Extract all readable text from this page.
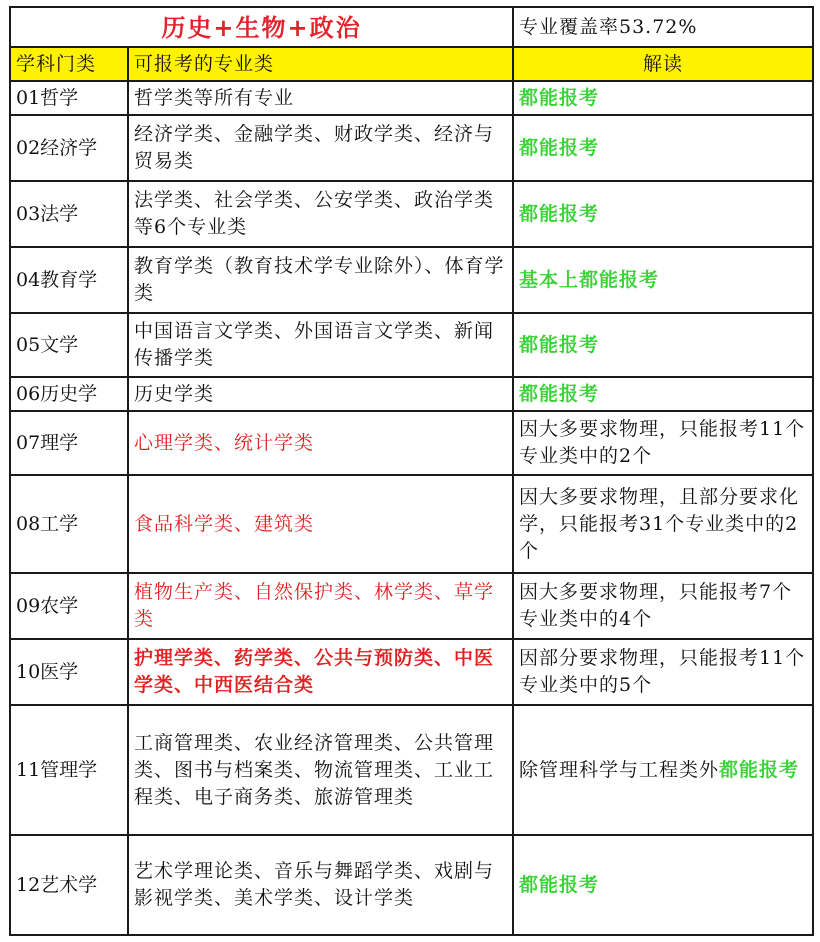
历史+生物+政治		专业覆盖率53.72%
学科门类	可报考的专业类	解读
01哲学	哲学类等所有专业	都能报考
02经济学	经济学类、金融学类、财政学类、经济与贸易类	都能报考
03法学	法学类、社会学类、公安学类、政治学类等6个专业类	都能报考
04教育学	教育学类（教育技术学专业除外）、体育学类	基本上都能报考
05文学	中国语言文学类、外国语言文学类、新闻传播学类	都能报考
06历史学	历史学类	都能报考
07理学	心理学类、统计学类	因大多要求物理，只能报考11个专业类中的2个
08工学	食品科学类、建筑类	因大多要求物理，且部分要求化学，只能报考31个专业类中的2个
09农学	植物生产类、自然保护类、林学类、草学类	因大多要求物理，只能报考7个专业类中的4个
10医学	护理学类、药学类、公共与预防类、中医学类、中西医结合类	因部分要求物理，只能报考11个专业类中的5个
11管理学	工商管理类、农业经济管理类、公共管理类、图书与档案类、物流管理类、工业工程类、电子商务类、旅游管理类	除管理科学与工程类外都能报考
12艺术学	艺术学理论类、音乐与舞蹈学类、戏剧与影视学类、美术学类、设计学类	都能报考
